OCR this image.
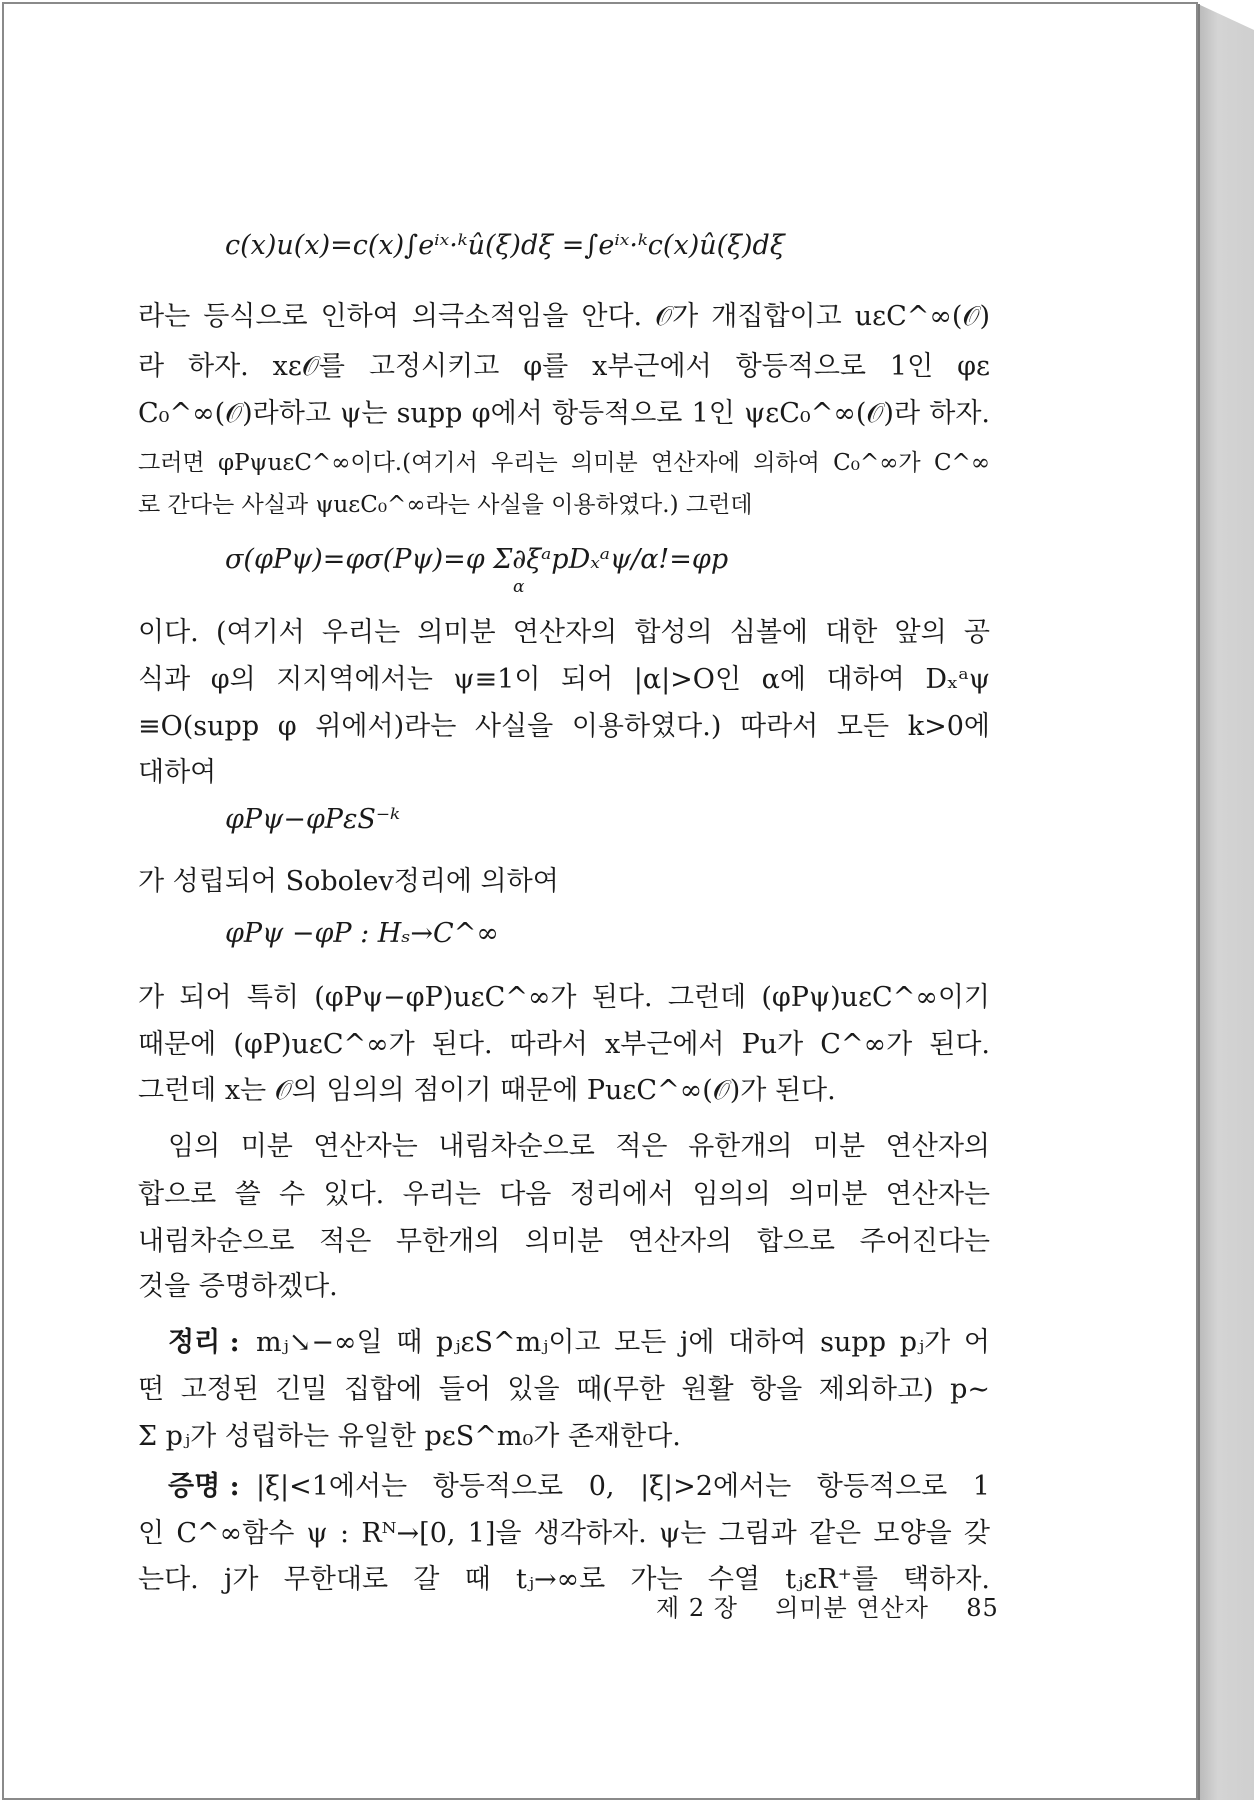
c(x)u(x)=c(x)∫eⁱˣ·ᵏû(ξ)dξ =∫eⁱˣ·ᵏc(x)û(ξ)dξ
라는 등식으로 인하여 의극소적임을 안다. 𝒪가 개집합이고 uεC^∞(𝒪)
라 하자. xε𝒪를 고정시키고 φ를 x부근에서 항등적으로 1인 φε
C₀^∞(𝒪)라하고 ψ는 supp φ에서 항등적으로 1인 ψεC₀^∞(𝒪)라 하자.
그러면 φPψuεC^∞이다.(여기서 우리는 의미분 연산자에 의하여 C₀^∞가 C^∞
로 간다는 사실과 ψuεC₀^∞라는 사실을 이용하였다.) 그런데
σ(φPψ)=φσ(Pψ)=φ Σ∂ξᵃpDₓᵃψ/α!=φp
α
이다. (여기서 우리는 의미분 연산자의 합성의 심볼에 대한 앞의 공
식과 φ의 지지역에서는 ψ≡1이 되어 |α|>O인 α에 대하여 Dₓᵃψ
≡O(supp φ 위에서)라는 사실을 이용하였다.) 따라서 모든 k>0에
대하여
φPψ−φPεS⁻ᵏ
가 성립되어 Sobolev정리에 의하여
φPψ −φP : Hₛ→C^∞
가 되어 특히 (φPψ−φP)uεC^∞가 된다. 그런데 (φPψ)uεC^∞이기
때문에 (φP)uεC^∞가 된다. 따라서 x부근에서 Pu가 C^∞가 된다.
그런데 x는 𝒪의 임의의 점이기 때문에 PuεC^∞(𝒪)가 된다.
임의 미분 연산자는 내림차순으로 적은 유한개의 미분 연산자의
합으로 쓸 수 있다. 우리는 다음 정리에서 임의의 의미분 연산자는
내림차순으로 적은 무한개의 의미분 연산자의 합으로 주어진다는
것을 증명하겠다.
정리 : mⱼ↘−∞일 때 pⱼεS^mⱼ이고 모든 j에 대하여 supp pⱼ가 어
떤 고정된 긴밀 집합에 들어 있을 때(무한 원활 항을 제외하고) p∼
Σ pⱼ가 성립하는 유일한 pεS^m₀가 존재한다.
증명 : |ξ|<1에서는 항등적으로 0, |ξ|>2에서는 항등적으로 1
인 C^∞함수 ψ : Rᴺ→[0, 1]을 생각하자. ψ는 그림과 같은 모양을 갖
는다. j가 무한대로 갈 때 tⱼ→∞로 가는 수열 tⱼεR⁺를 택하자.
제 2 장 의미분 연산자 85
